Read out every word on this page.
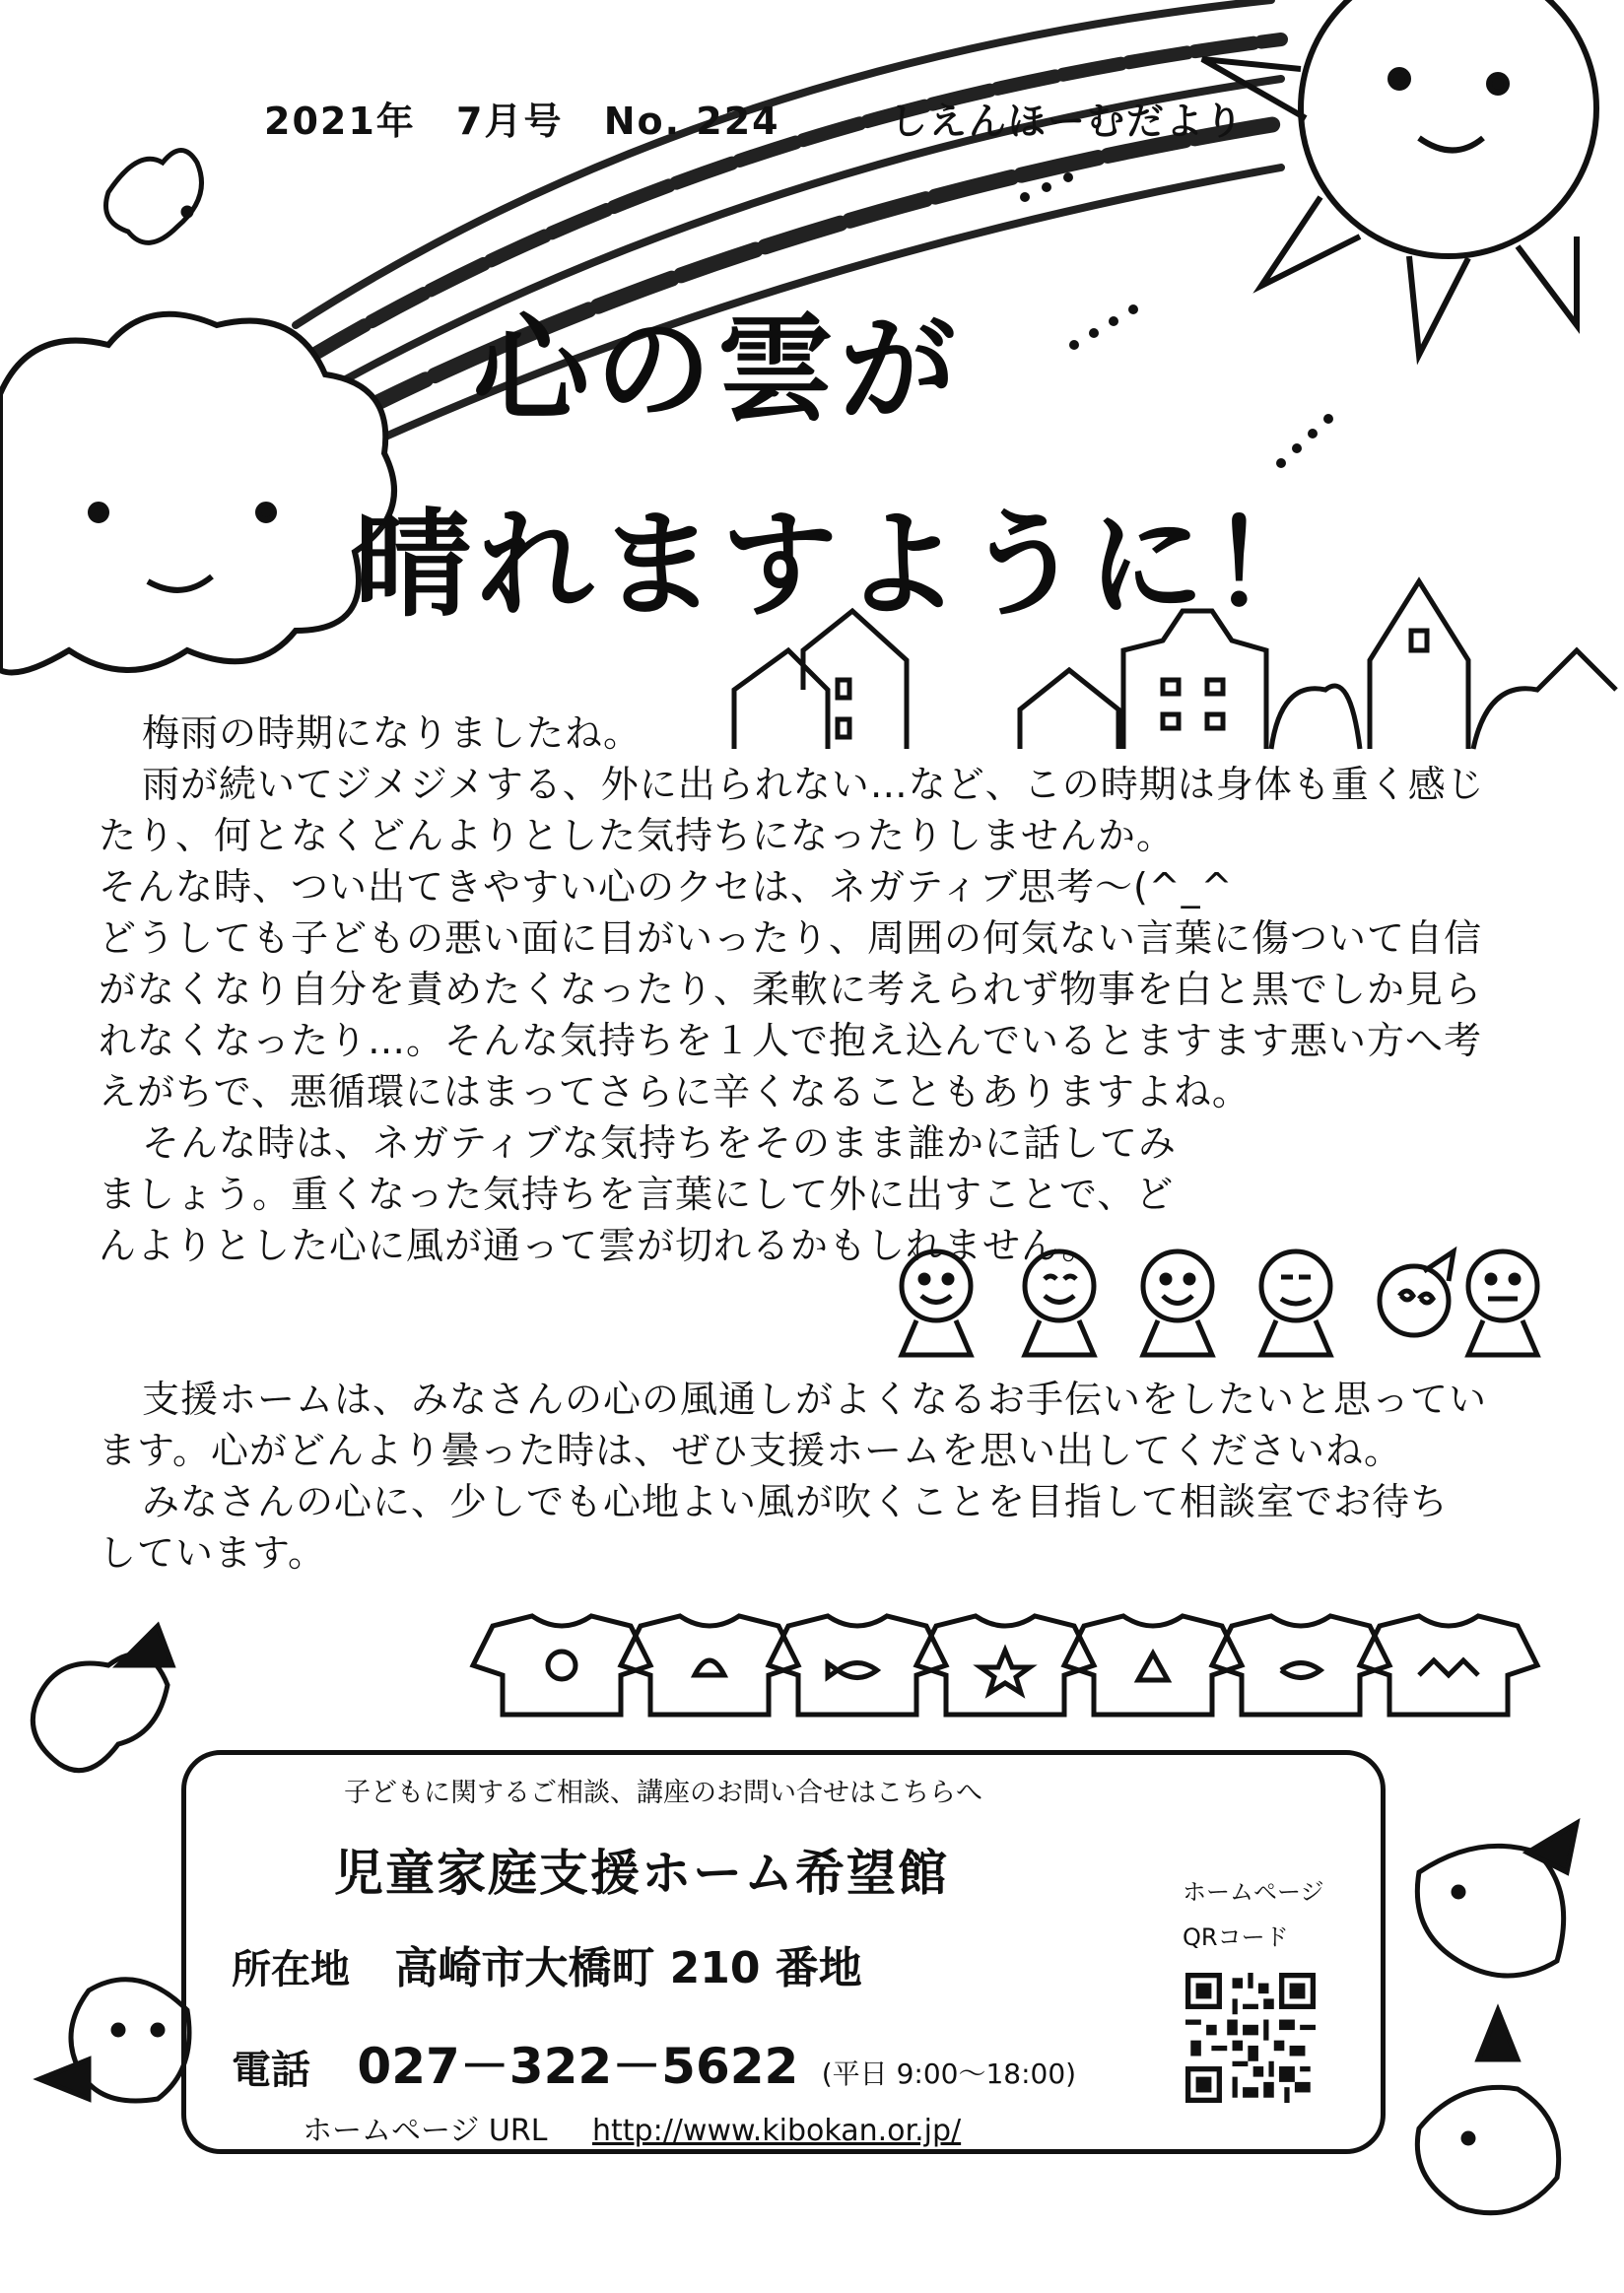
2021年 7月号 No. 224	しえんほーむだより
心の雲が
晴れますように！

梅雨の時期になりましたね。

雨が続いてジメジメする、外に出られない…など、この時期は身体も重く感じたり、何となくどんよりとした気持ちになったりしませんか。

そんな時、つい出てきやすい心のクセは、ネガティブ思考～(^_^

どうしても子どもの悪い面に目がいったり、周囲の何気ない言葉に傷ついて自信がなくなり自分を責めたくなったり、柔軟に考えられず物事を白と黒でしか見られなくなったり…。そんな気持ちを１人で抱え込んでいるとますます悪い方へ考えがちで、悪循環にはまってさらに辛くなることもありますよね。

そんな時は、ネガティブな気持ちをそのまま誰かに話してみましょう。重くなった気持ちを言葉にして外に出すことで、どんよりとした心に風が通って雲が切れるかもしれません。

支援ホームは、みなさんの心の風通しがよくなるお手伝いをしたいと思っています。心がどんより曇った時は、ぜひ支援ホームを思い出してくださいね。

みなさんの心に、少しでも心地よい風が吹くことを目指して相談室でお待ちしています。

子どもに関するご相談、講座のお問い合せはこちらへ
児童家庭支援ホーム希望館
所在地 高崎市大橋町 210 番地
電話 027－322－5622 (平日 9:00～18:00)
ホームページ URL http://www.kibokan.or.jp/
ホームページ
QRコード
